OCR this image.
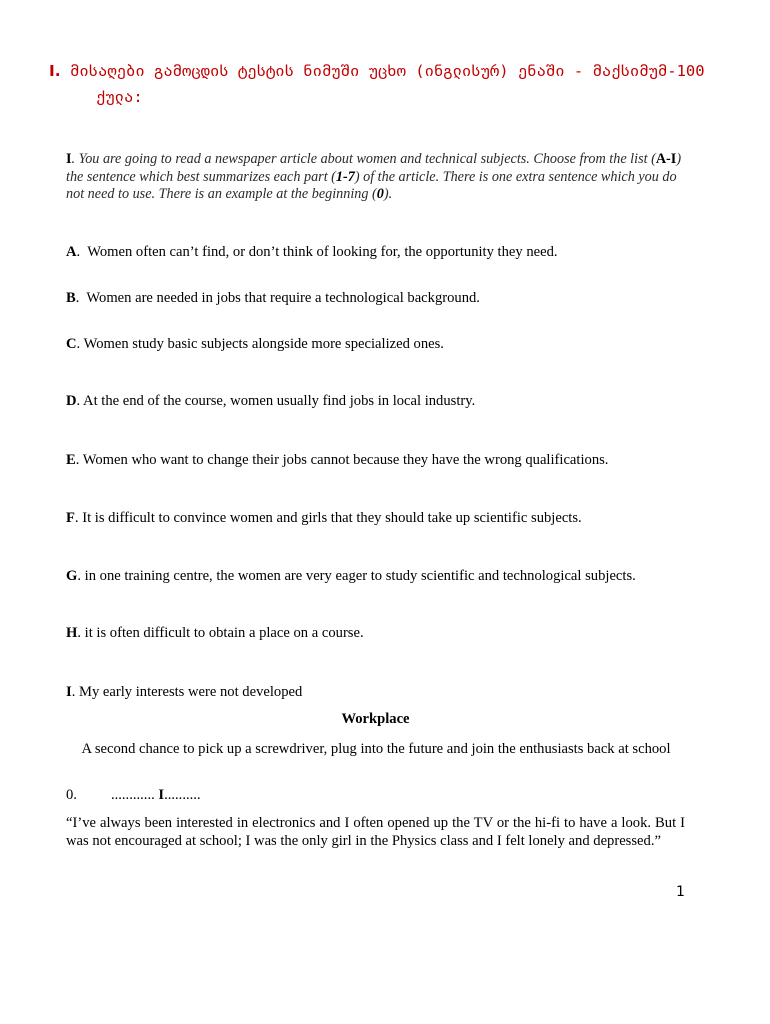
I. მისაღები გამოცდის ტესტის ნიმუში უცხო (ინგლისურ) ენაში - მაქსიმუმ-100
ქულა:
I. You are going to read a newspaper article about women and technical subjects. Choose from the list (A-I) the sentence which best summarizes each part (1-7) of the article. There is one extra sentence which you do not need to use. There is an example at the beginning (0).
A.  Women often can’t find, or don’t think of looking for, the opportunity they need.
B.  Women are needed in jobs that require a technological background.
C. Women study basic subjects alongside more specialized ones.
D. At the end of the course, women usually find jobs in local industry.
E. Women who want to change their jobs cannot because they have the wrong qualifications.
F. It is difficult to convince women and girls that they should take up scientific subjects.
G. in one training centre, the women are very eager to study scientific and technological subjects.
H. it is often difficult to obtain a place on a course.
I. My early interests were not developed
Workplace
A second chance to pick up a screwdriver, plug into the future and join the enthusiasts back at school
0. ............ I..........
“I’ve always been interested in electronics and I often opened up the TV or the hi-fi to have a look. But I was not encouraged at school; I was the only girl in the Physics class and I felt lonely and depressed.”
1
